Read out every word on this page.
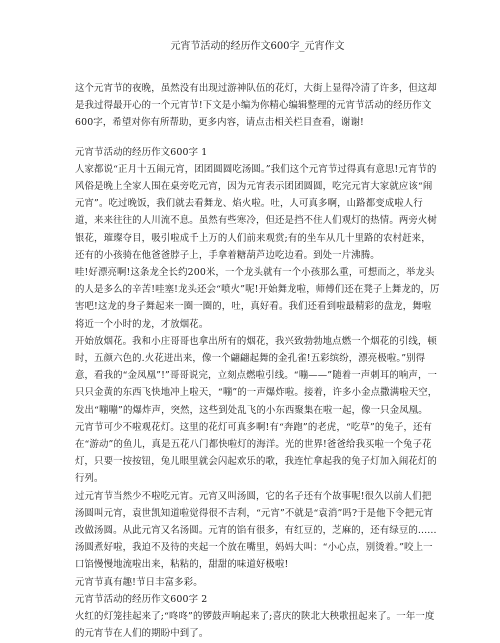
元宵节活动的经历作文600字_元宵作文

这个元宵节的夜晚，虽然没有出现过游神队伍的花灯，大街上显得冷清了许多，但这却是我过得最开心的一个元宵节!下文是小编为你精心编辑整理的元宵节活动的经历作文600字，希望对你有所帮助，更多内容，请点击相关栏目查看，谢谢!

元宵节活动的经历作文600字 1

人家都说“正月十五闹元宵，团团圆圆吃汤圆。”我们这个元宵节过得真有意思!元宵节的风俗是晚上全家人围在桌旁吃元宵，因为元宵表示团团圆圆，吃完元宵大家就应该“闹元宵”。吃过晚饭，我们就去看舞龙、焰火啦。吐，人可真多啊，山路都变成啦人行道，来来往往的人川流不息。虽然有些寒冷，但还是挡不住人们观灯的热情。两旁火树银花，璀璨夺目，吸引啦成千上万的人们前来观赏;有的坐车从几十里路的农村赶来，还有的小孩骑在他爸爸脖子上，手拿着糖葫芦边吃边看。到处一片沸腾。

哇!好漂亮啊!这条龙全长约200米，一个龙头就有一个小孩那么重，可想而之，举龙头的人是多么的辛苦!哇塞!龙头还会“喷火”呢!开始舞龙啦，师傅们还在凳子上舞龙的，厉害吧!这龙的身子舞起来一圈一圈的，吐，真好看。我们还看到啦最精彩的盘龙，舞啦将近一个小时的龙，才放烟花。

开始放烟花。我和小庄哥哥也拿出所有的烟花，我兴致勃勃地点燃一个烟花的引线，顿时，五颜六色的.火花迸出来，像一个翩翩起舞的金孔雀!五彩缤纷，漂亮极啦。”别得意，看我的“金凤凰”!”哥哥说完，立刻点燃啦引线。“嘣——”随着一声刺耳的响声，一只只金黄的东西飞快地冲上啦天，“嘣”的一声爆炸啦。接着，许多小金点撒满啦天空，发出“嘣嘣”的爆炸声，突然，这些到处乱飞的小东西聚集在啦一起，像一只金凤凰。

元宵节可少不啦观花灯。这里的花灯可真多啊!有“奔跑”的老虎，“吃草”的兔子，还有在“游动”的鱼儿，真是五花八门都快啦灯的海洋。光的世界!爸爸给我买啦一个兔子花灯，只要一按按钮，兔儿眼里就会闪起欢乐的歌，我连忙拿起我的兔子灯加入闹花灯的行列。

过元宵节当然少不啦吃元宵。元宵又叫汤圆，它的名子还有个故事呢!很久以前人们把汤圆叫元宵，袁世凯知道啦觉得很不吉利，“元宵”不就是“袁消”吗?于是他下令把元宵改做汤圆。从此元宵又名汤圆。元宵的馅有很多，有红豆的，芝麻的，还有绿豆的......

汤圆煮好啦，我迫不及待的夹起一个放在嘴里，妈妈大叫：“小心点，别烫着。”咬上一口馅慢慢地流啦出来，粘粘的，甜甜的味道好极啦!

元宵节真有趣!节日丰富多彩。

元宵节活动的经历作文600字 2

火红的灯笼挂起来了;“咚咚”的锣鼓声响起来了;喜庆的陕北大秧歌扭起来了。一年一度的元宵节在人们的期盼中到了。
